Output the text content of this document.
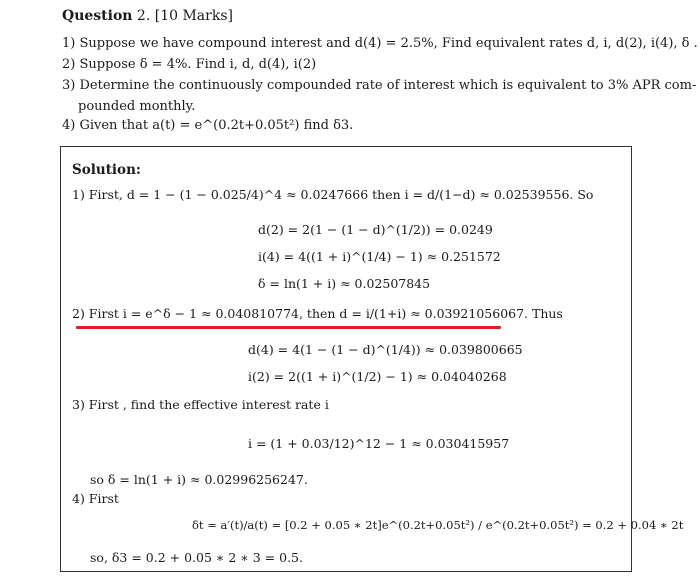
Question 2. [10 Marks]
1) Suppose we have compound interest and d(4) = 2.5%, Find equivalent rates d, i, d(2), i(4), δ .
2) Suppose δ = 4%. Find i, d, d(4), i(2)
3) Determine the continuously compounded rate of interest which is equivalent to 3% APR com-
pounded monthly.
4) Given that a(t) = e^(0.2t+0.05t²) find δ3.
Solution:
1) First, d = 1 − (1 − 0.025/4)^4 ≈ 0.0247666 then i = d/(1−d) ≈ 0.02539556. So
d(2) = 2(1 − (1 − d)^(1/2)) = 0.0249
i(4) = 4((1 + i)^(1/4) − 1) ≈ 0.251572
δ = ln(1 + i) ≈ 0.02507845
2) First i = e^δ − 1 ≈ 0.040810774, then d = i/(1+i) ≈ 0.03921056067. Thus
d(4) = 4(1 − (1 − d)^(1/4)) ≈ 0.039800665
i(2) = 2((1 + i)^(1/2) − 1) ≈ 0.04040268
3) First , find the effective interest rate i
i = (1 + 0.03/12)^12 − 1 ≈ 0.030415957
so δ = ln(1 + i) ≈ 0.02996256247.
4) First
δt = a′(t)/a(t) = [0.2 + 0.05 ∗ 2t]e^(0.2t+0.05t²) / e^(0.2t+0.05t²) = 0.2 + 0.04 ∗ 2t
so, δ3 = 0.2 + 0.05 ∗ 2 ∗ 3 = 0.5.
